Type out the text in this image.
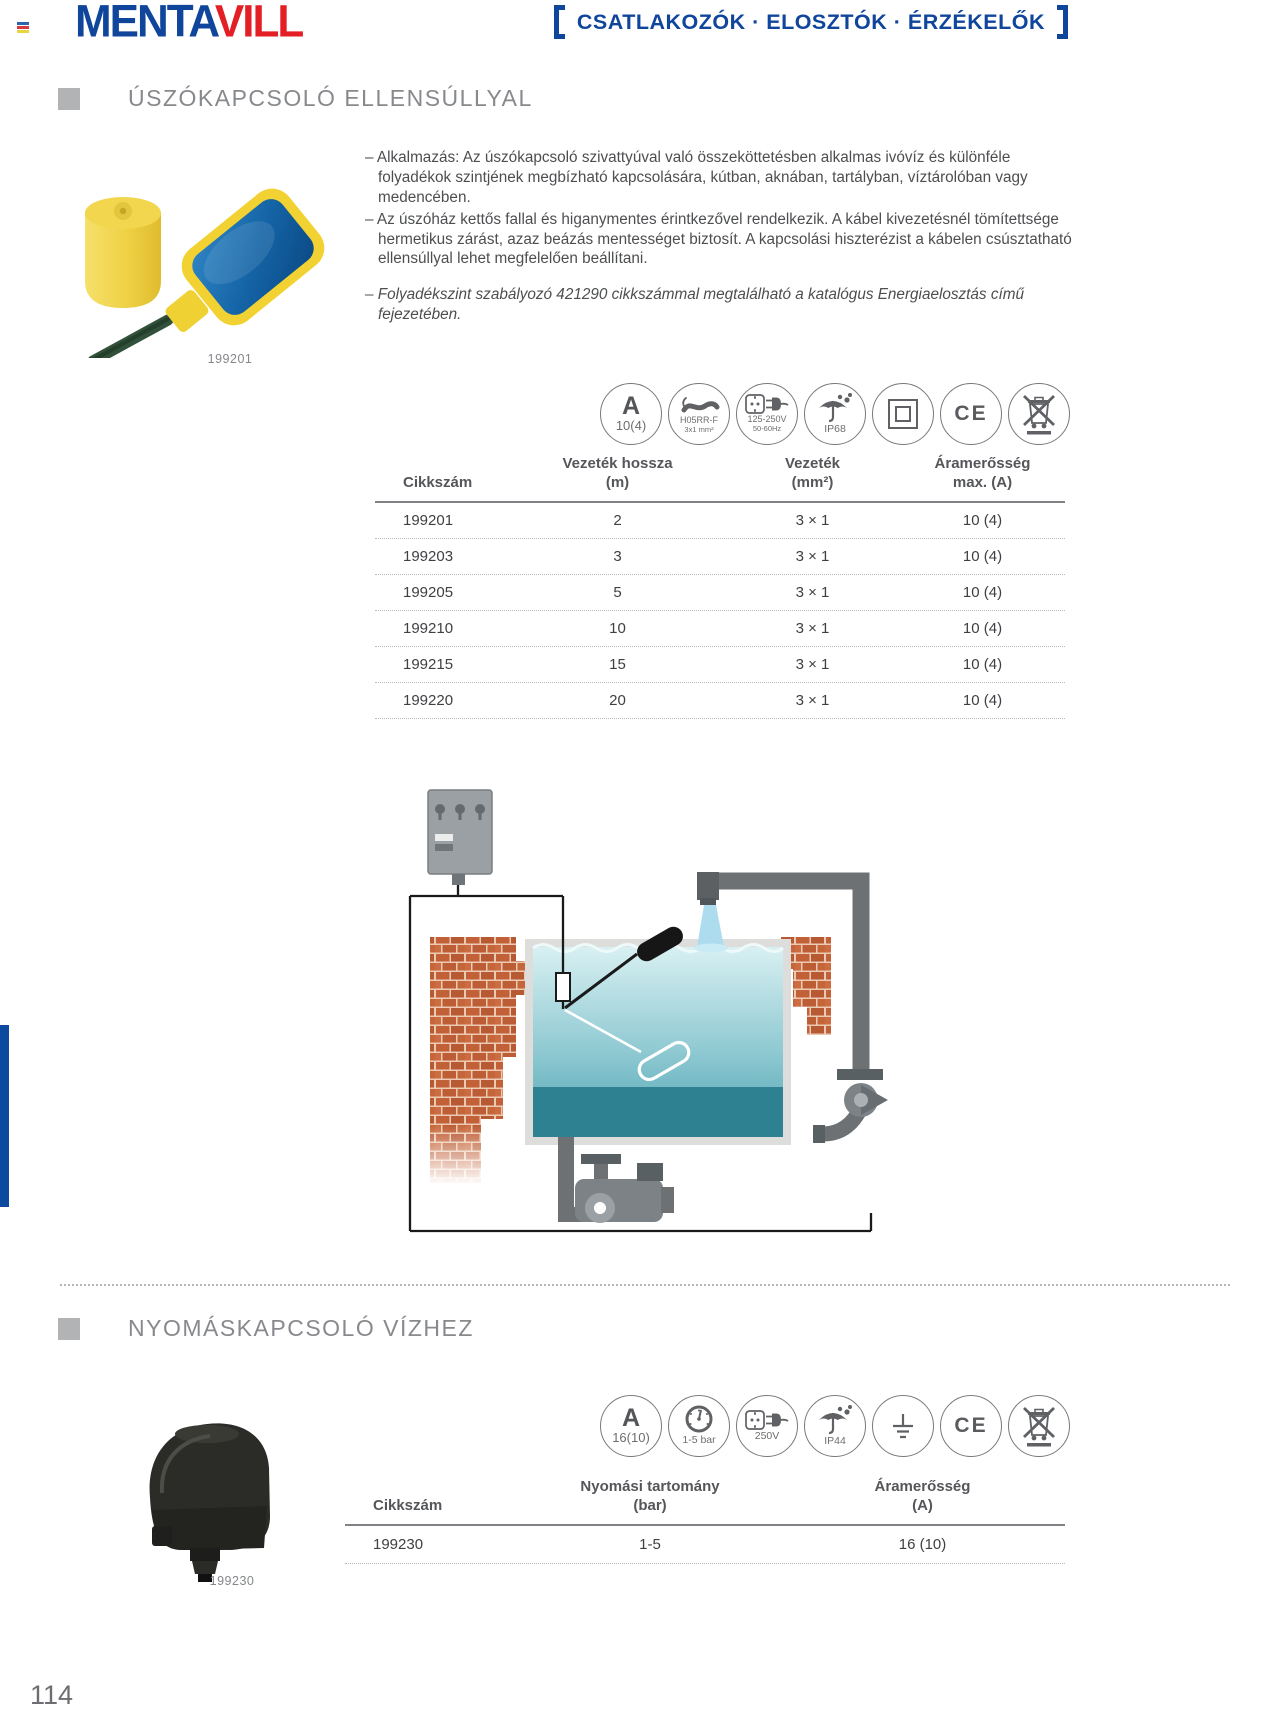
MENTAVILL	CSATLAKOZÓK · ELOSZTÓK · ÉRZÉKELŐK
ÚSZÓKAPCSOLÓ ELLENSÚLLYAL
199201

– Alkalmazás: Az úszókapcsoló szivattyúval való összeköttetésben alkalmas ivóvíz és különféle folyadékok szintjének megbízható kapcsolására, kútban, aknában, tartályban, víztárolóban vagy medencében.

– Az úszóház kettős fallal és higanymentes érintkezővel rendelkezik. A kábel kivezetésnél tömítettsége hermetikus zárást, azaz beázás mentességet biztosít. A kapcsolási hiszterézist a kábelen csúsztatható ellensúllyal lehet megfelelően beállítani.

– Folyadékszint szabályozó 421290 cikkszámmal megtalálható a katalógus Energiaelosztás című fejezetében.

A
10(4)	H05RR-F
3x1 mm²
125-250V
50-60Hz	IP68
CE
Cikkszám
Vezeték hossza
(m)
Vezeték
(mm²)
Áramerősség
max. (A)
199201	2	3 × 1	10 (4)
199203	3	3 × 1	10 (4)
199205	5	3 × 1	10 (4)
199210	10	3 × 1	10 (4)
199215	15	3 × 1	10 (4)
199220	20	3 × 1	10 (4)
NYOMÁSKAPCSOLÓ VÍZHEZ
199230
A
16(10)	1-5 bar	250V	IP44
CE
Cikkszám
Nyomási tartomány
(bar)
Áramerősség
(A)
199230	1-5	16 (10)
114
